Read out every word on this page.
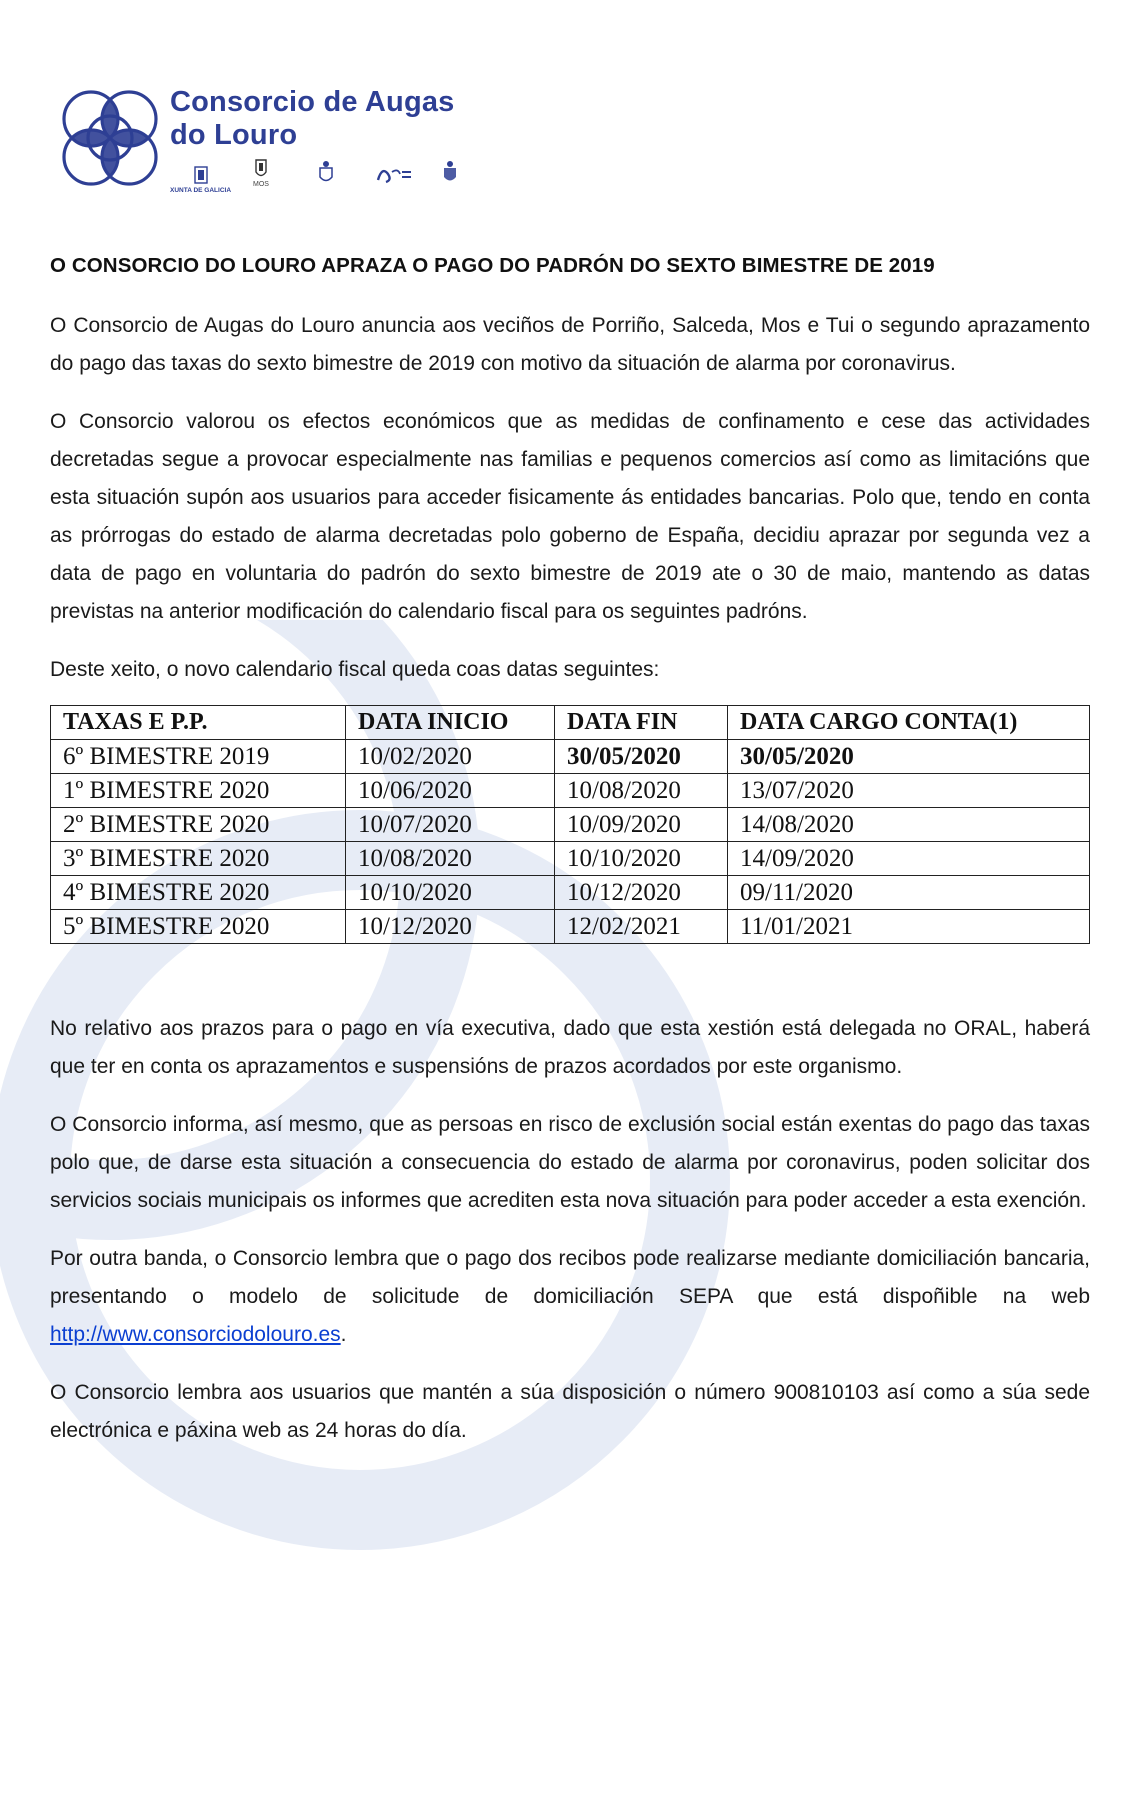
Consorcio de Augas
do Louro
XUNTA DE GALICIA
MOS
O CONSORCIO DO LOURO APRAZA O PAGO DO PADRÓN DO SEXTO BIMESTRE DE 2019

O Consorcio de Augas do Louro anuncia aos veciños de Porriño, Salceda, Mos e Tui o segundo aprazamento do pago das taxas do sexto bimestre de 2019 con motivo da situación de alarma por coronavirus.

O Consorcio valorou os efectos económicos que as medidas de confinamento e cese das actividades decretadas segue a provocar especialmente nas familias e pequenos comercios así como as limitacións que esta situación supón aos usuarios para acceder fisicamente ás entidades bancarias. Polo que, tendo en conta as prórrogas do estado de alarma decretadas polo goberno de España, decidiu aprazar por segunda vez a data de pago en voluntaria do padrón do sexto bimestre de 2019 ate o 30 de maio, mantendo as datas previstas na anterior modificación do calendario fiscal para os seguintes padróns.

Deste xeito, o novo calendario fiscal queda coas datas seguintes:

TAXAS E P.P.	DATA INICIO	DATA FIN	DATA CARGO CONTA(1)
6º BIMESTRE 2019	10/02/2020	30/05/2020	30/05/2020
1º BIMESTRE 2020	10/06/2020	10/08/2020	13/07/2020
2º BIMESTRE 2020	10/07/2020	10/09/2020	14/08/2020
3º BIMESTRE 2020	10/08/2020	10/10/2020	14/09/2020
4º BIMESTRE 2020	10/10/2020	10/12/2020	09/11/2020
5º BIMESTRE 2020	10/12/2020	12/02/2021	11/01/2021

No relativo aos prazos para o pago en vía executiva, dado que esta xestión está delegada no ORAL, haberá que ter en conta os aprazamentos e suspensións de prazos acordados por este organismo.

O Consorcio informa, así mesmo, que as persoas en risco de exclusión social están exentas do pago das taxas polo que, de darse esta situación a consecuencia do estado de alarma por coronavirus, poden solicitar dos servicios sociais municipais os informes que acrediten esta nova situación para poder acceder a esta exención.

Por outra banda, o Consorcio lembra que o pago dos recibos pode realizarse mediante domiciliación bancaria, presentando o modelo de solicitude de domiciliación SEPA que está dispoñible na web http://www.consorciodolouro.es.

O Consorcio lembra aos usuarios que mantén a súa disposición o número 900810103 así como a súa sede electrónica e páxina web as 24 horas do día.
